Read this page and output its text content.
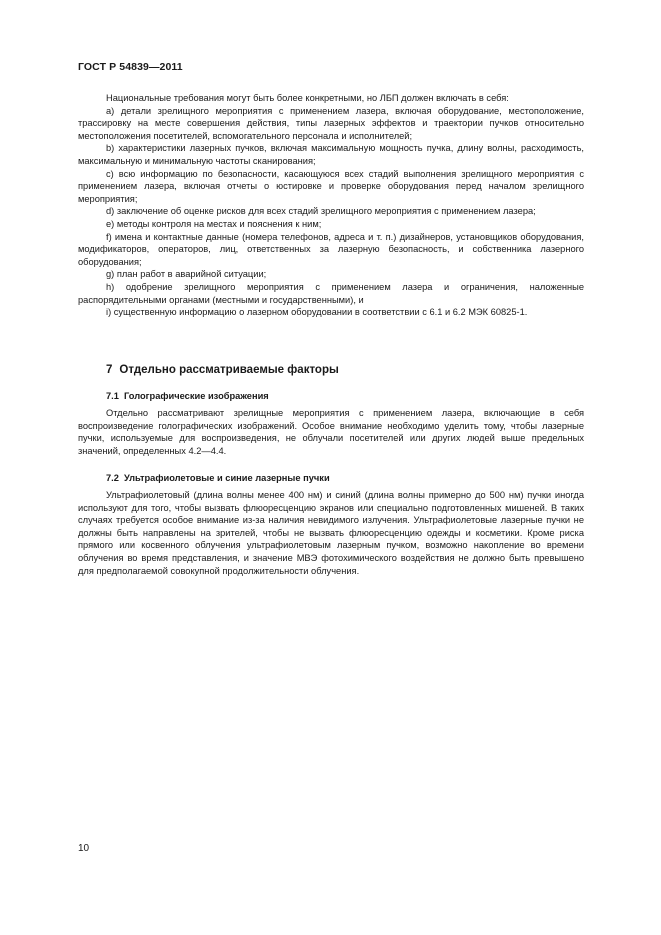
ГОСТ Р 54839—2011

Национальные требования могут быть более конкретными, но ЛБП должен включать в себя:

a) детали зрелищного мероприятия с применением лазера, включая оборудование, местоположение, трассировку на месте совершения действия, типы лазерных эффектов и траектории пучков относительно местоположения посетителей, вспомогательного персонала и исполнителей;

b) характеристики лазерных пучков, включая максимальную мощность пучка, длину волны, расходимость, максимальную и минимальную частоты сканирования;

c) всю информацию по безопасности, касающуюся всех стадий выполнения зрелищного мероприятия с применением лазера, включая отчеты о юстировке и проверке оборудования перед началом зрелищного мероприятия;

d) заключение об оценке рисков для всех стадий зрелищного мероприятия с применением лазера;

e) методы контроля на местах и пояснения к ним;

f) имена и контактные данные (номера телефонов, адреса и т. п.) дизайнеров, установщиков оборудования, модификаторов, операторов, лиц, ответственных за лазерную безопасность, и собственника лазерного оборудования;

g) план работ в аварийной ситуации;

h) одобрение зрелищного мероприятия с применением лазера и ограничения, наложенные распорядительными органами (местными и государственными), и

i) существенную информацию о лазерном оборудовании в соответствии с 6.1 и 6.2 МЭК 60825-1.

7 Отдельно рассматриваемые факторы
7.1 Голографические изображения

Отдельно рассматривают зрелищные мероприятия с применением лазера, включающие в себя воспроизведение голографических изображений. Особое внимание необходимо уделить тому, чтобы лазерные пучки, используемые для воспроизведения, не облучали посетителей или других людей выше предельных значений, определенных 4.2—4.4.

7.2 Ультрафиолетовые и синие лазерные пучки

Ультрафиолетовый (длина волны менее 400 нм) и синий (длина волны примерно до 500 нм) пучки иногда используют для того, чтобы вызвать флюоресценцию экранов или специально подготовленных мишеней. В таких случаях требуется особое внимание из-за наличия невидимого излучения. Ультрафиолетовые лазерные пучки не должны быть направлены на зрителей, чтобы не вызвать флюоресценцию одежды и косметики. Кроме риска прямого или косвенного облучения ультрафиолетовым лазерным пучком, возможно накопление во времени облучения во время представления, и значение МВЭ фотохимического воздействия не должно быть превышено для предполагаемой совокупной продолжительности облучения.

10
